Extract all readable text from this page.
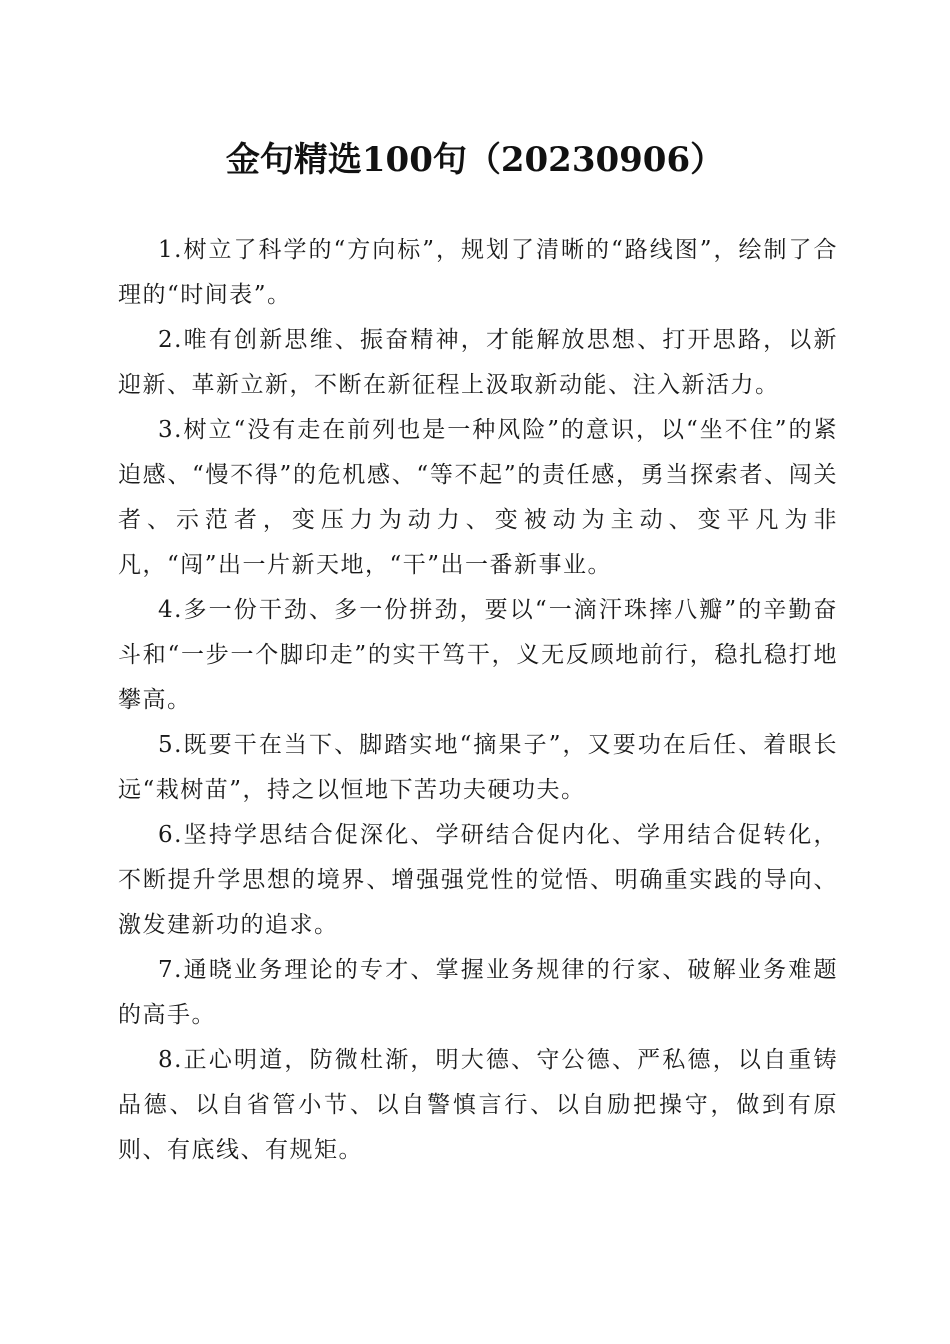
金句精选100句（20230906）

1.树立了科学的“方向标”，规划了清晰的“路线图”，绘制了合理的“时间表”。

2.唯有创新思维、振奋精神，才能解放思想、打开思路，以新迎新、革新立新，不断在新征程上汲取新动能、注入新活力。

3.树立“没有走在前列也是一种风险”的意识，以“坐不住”的紧迫感、“慢不得”的危机感、“等不起”的责任感，勇当探索者、闯关者、示范者，变压力为动力、变被动为主动、变平凡为非凡，“闯”出一片新天地，“干”出一番新事业。

4.多一份干劲、多一份拼劲，要以“一滴汗珠摔八瓣”的辛勤奋斗和“一步一个脚印走”的实干笃干，义无反顾地前行，稳扎稳打地攀高。

5.既要干在当下、脚踏实地“摘果子”，又要功在后任、着眼长远“栽树苗”，持之以恒地下苦功夫硬功夫。

6.坚持学思结合促深化、学研结合促内化、学用结合促转化，不断提升学思想的境界、增强强党性的觉悟、明确重实践的导向、激发建新功的追求。

7.通晓业务理论的专才、掌握业务规律的行家、破解业务难题的高手。

8.正心明道，防微杜渐，明大德、守公德、严私德，以自重铸品德、以自省管小节、以自警慎言行、以自励把操守，做到有原则、有底线、有规矩。
